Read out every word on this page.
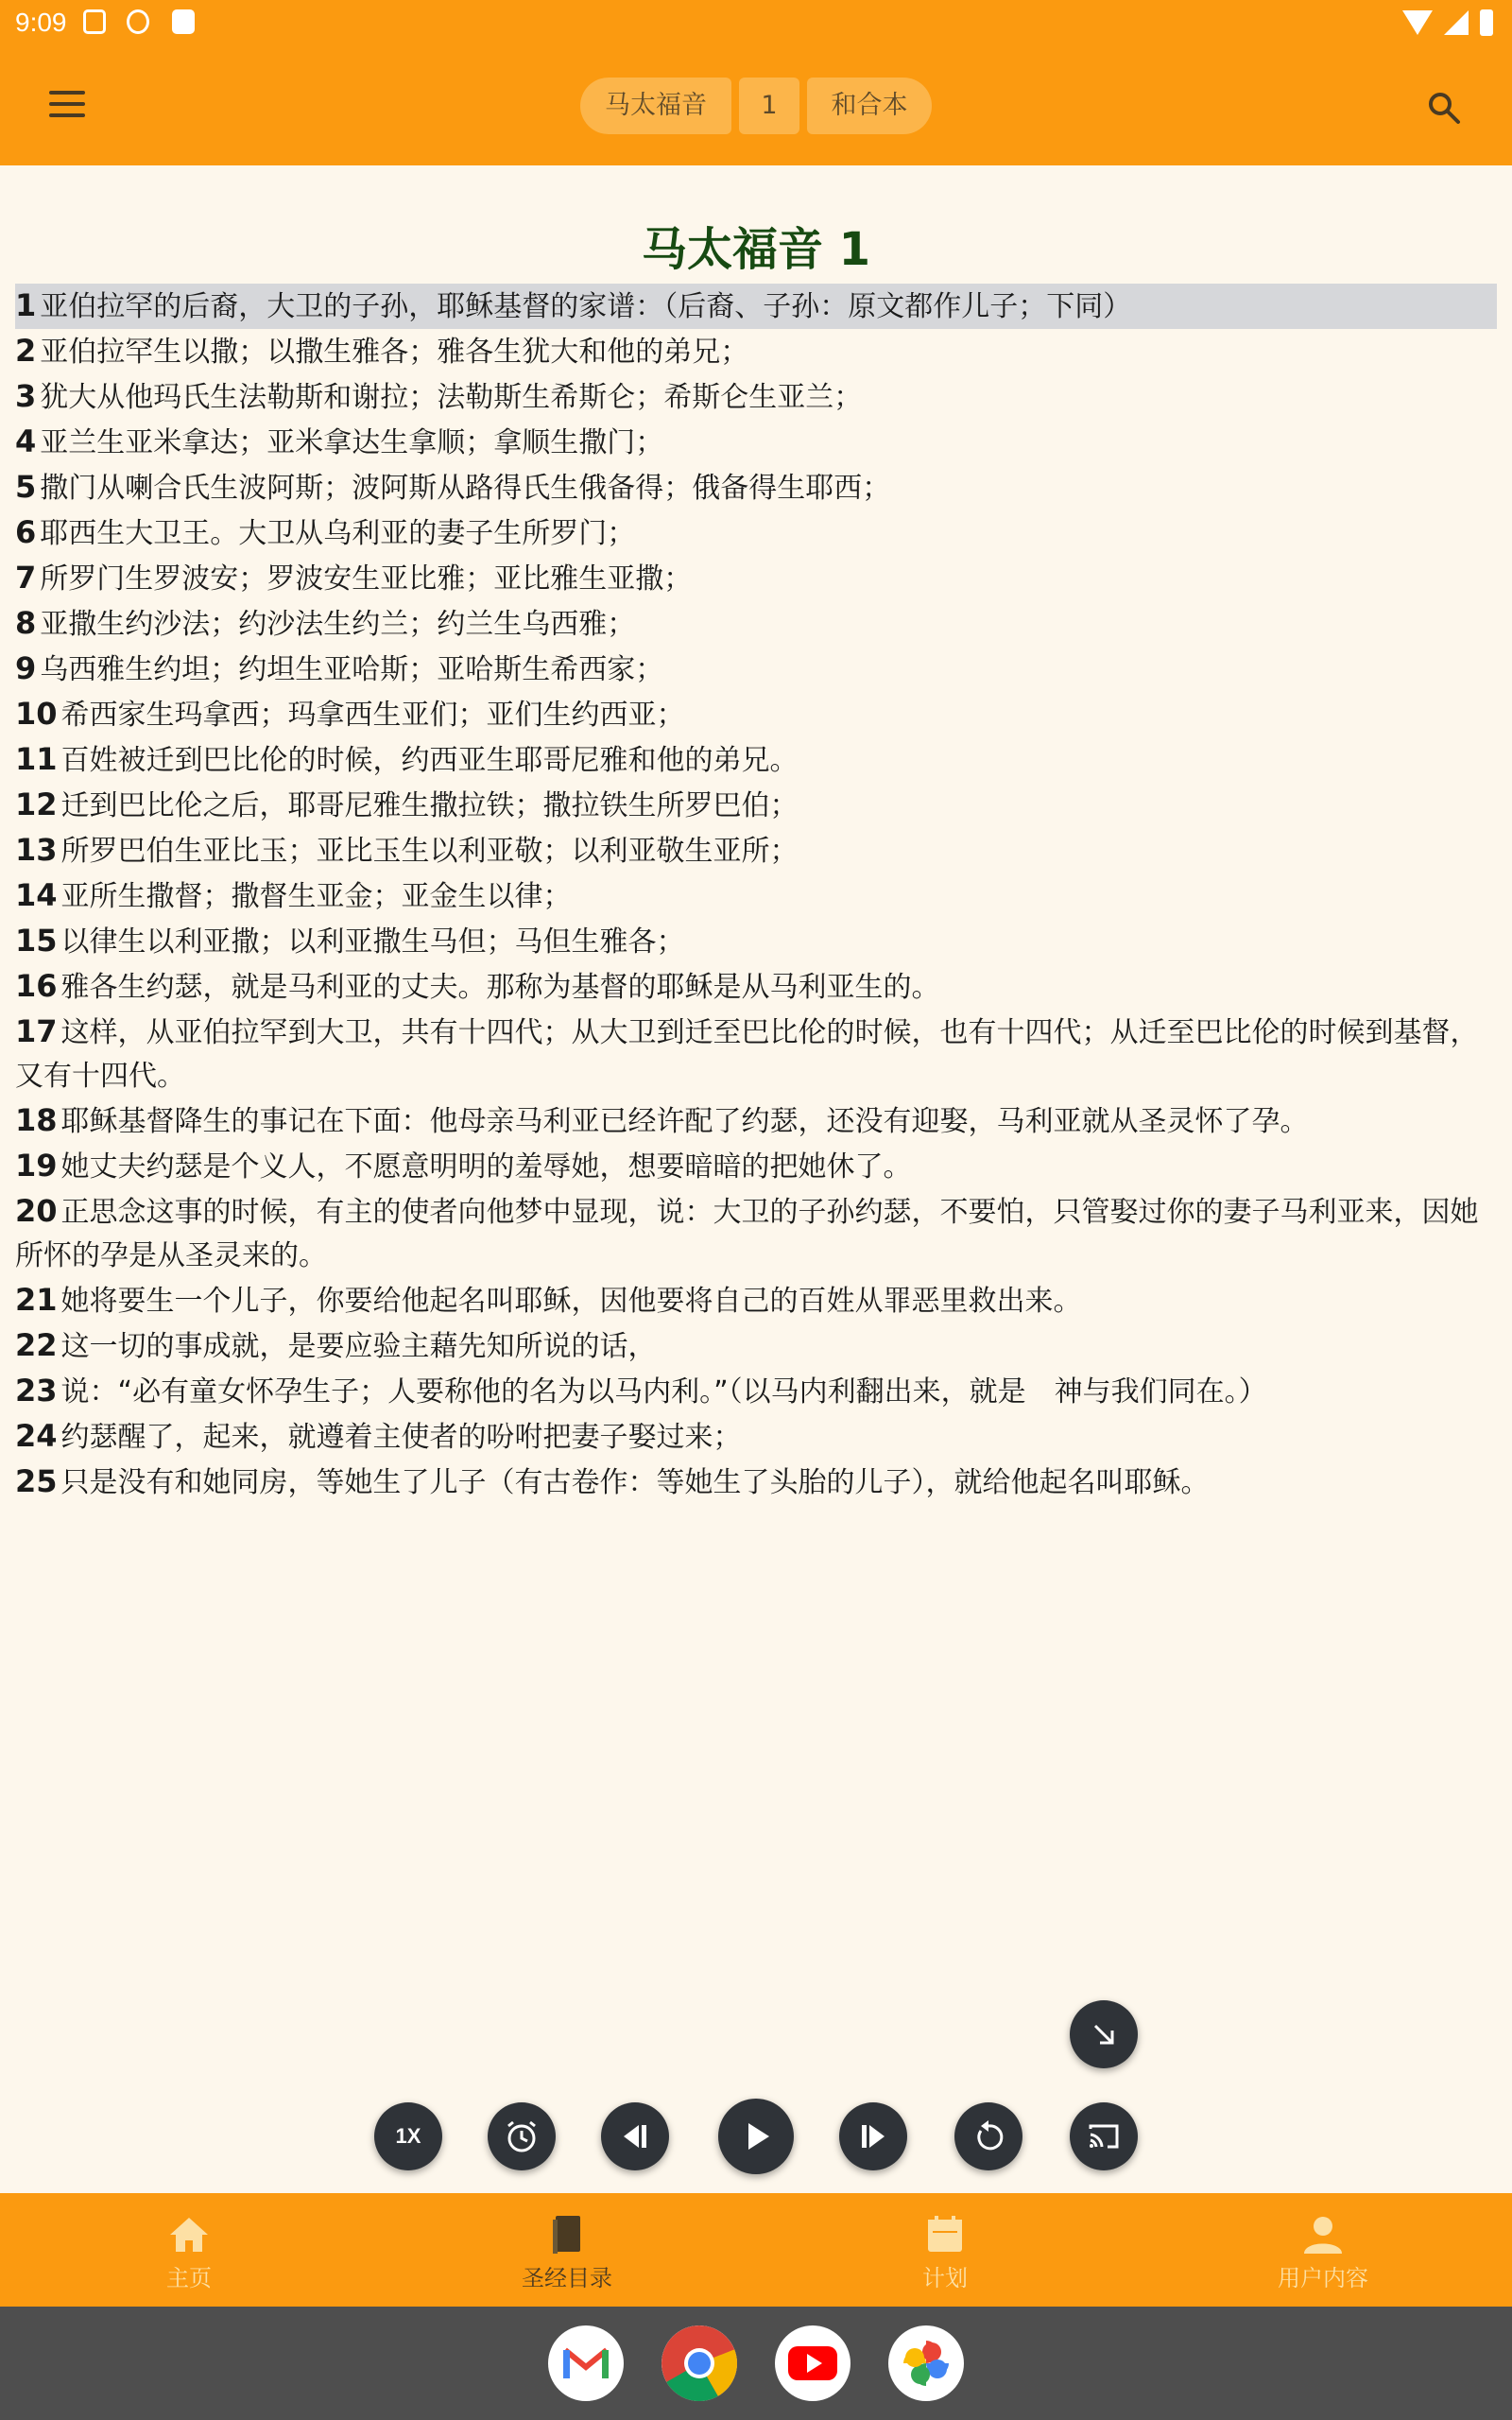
9:09
马太福音	1	和合本
马太福音 1
1 亚伯拉罕的后裔，大卫的子孙，耶稣基督的家谱：（后裔、子孙：原文都作儿子；下同）
2 亚伯拉罕生以撒；以撒生雅各；雅各生犹大和他的弟兄；
3 犹大从他玛氏生法勒斯和谢拉；法勒斯生希斯仑；希斯仑生亚兰；
4 亚兰生亚米拿达；亚米拿达生拿顺；拿顺生撒门；
5 撒门从喇合氏生波阿斯；波阿斯从路得氏生俄备得；俄备得生耶西；
6 耶西生大卫王。大卫从乌利亚的妻子生所罗门；
7 所罗门生罗波安；罗波安生亚比雅；亚比雅生亚撒；
8 亚撒生约沙法；约沙法生约兰；约兰生乌西雅；
9 乌西雅生约坦；约坦生亚哈斯；亚哈斯生希西家；
10 希西家生玛拿西；玛拿西生亚们；亚们生约西亚；
11 百姓被迁到巴比伦的时候，约西亚生耶哥尼雅和他的弟兄。
12 迁到巴比伦之后，耶哥尼雅生撒拉铁；撒拉铁生所罗巴伯；
13 所罗巴伯生亚比玉；亚比玉生以利亚敬；以利亚敬生亚所；
14 亚所生撒督；撒督生亚金；亚金生以律；
15 以律生以利亚撒；以利亚撒生马但；马但生雅各；
16 雅各生约瑟，就是马利亚的丈夫。那称为基督的耶稣是从马利亚生的。
17 这样，从亚伯拉罕到大卫，共有十四代；从大卫到迁至巴比伦的时候，也有十四代；从迁至巴比伦的时候到基督，又有十四代。
18 耶稣基督降生的事记在下面：他母亲马利亚已经许配了约瑟，还没有迎娶，马利亚就从圣灵怀了孕。
19 她丈夫约瑟是个义人，不愿意明明的羞辱她，想要暗暗的把她休了。
20 正思念这事的时候，有主的使者向他梦中显现，说：大卫的子孙约瑟，不要怕，只管娶过你的妻子马利亚来，因她所怀的孕是从圣灵来的。
21 她将要生一个儿子，你要给他起名叫耶稣，因他要将自己的百姓从罪恶里救出来。
22 这一切的事成就，是要应验主藉先知所说的话，
23 说：“必有童女怀孕生子；人要称他的名为以马内利。”（以马内利翻出来，就是　神与我们同在。）
24 约瑟醒了，起来，就遵着主使者的吩咐把妻子娶过来；
25 只是没有和她同房，等她生了儿子（有古卷作：等她生了头胎的儿子），就给他起名叫耶稣。
1X
主页	圣经目录	计划	用户内容
